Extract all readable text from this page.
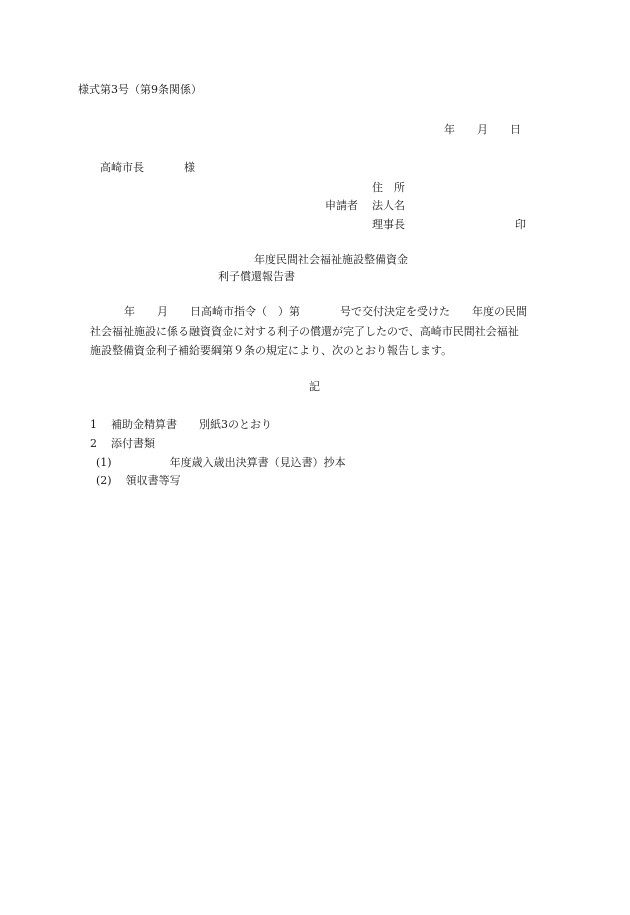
様式第3号（第9条関係）
年 月 日
高崎市長	様
住　所
申請者 法人名
理事長	印
年度民間社会福祉施設整備資金
利子償還報告書
年 月 日高崎市指令（　）第	号で交付決定を受けた 年度の民間
社会福祉施設に係る融資資金に対する利子の償還が完了したので、高崎市民間社会福祉
施設整備資金利子補給要綱第９条の規定により、次のとおり報告します。
記
1 補助金精算書 別紙3のとおり
2 添付書類
(1)	年度歳入歳出決算書（見込書）抄本
(2) 領収書等写
